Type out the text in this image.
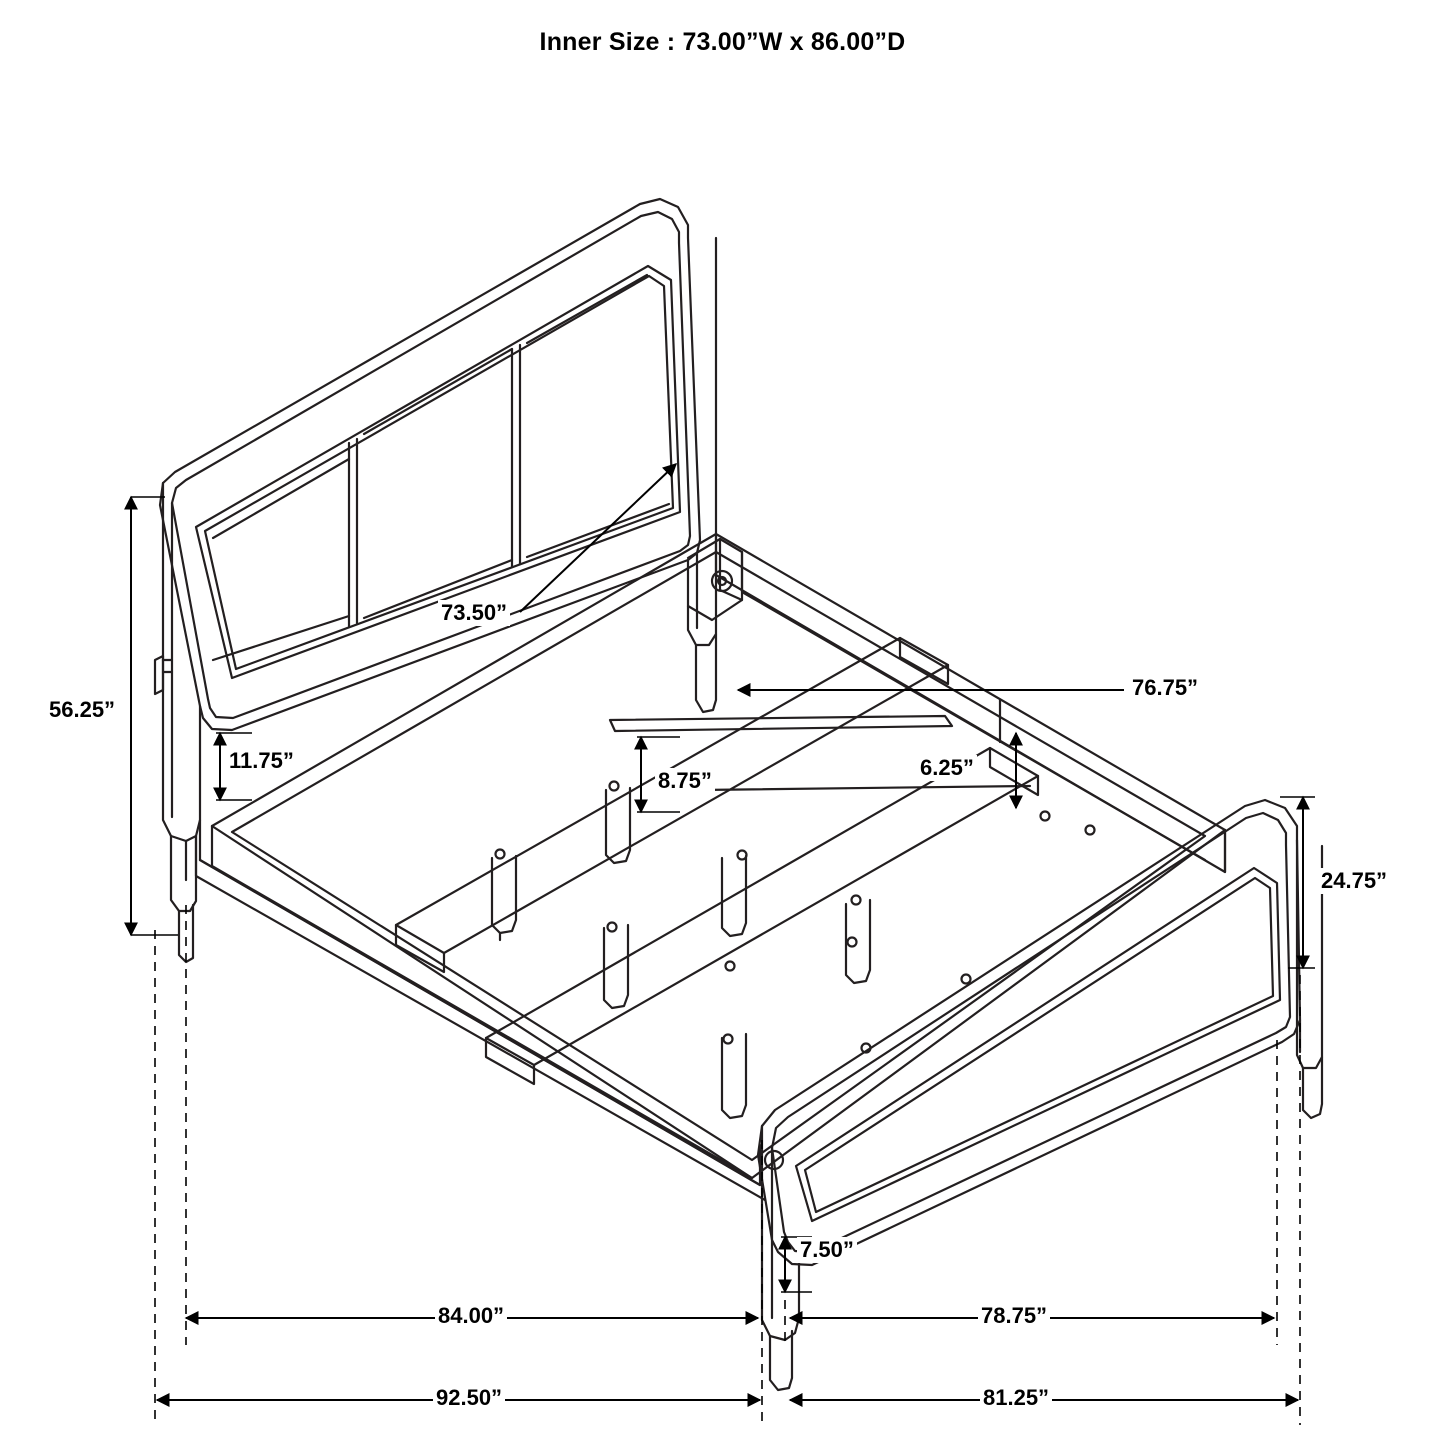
Inner Size : 73.00”W x 86.00”D
56.25”
73.50”
11.75”
8.75”
6.25”
76.75”
24.75”
7.50”
84.00”	78.75”
92.50”	81.25”
